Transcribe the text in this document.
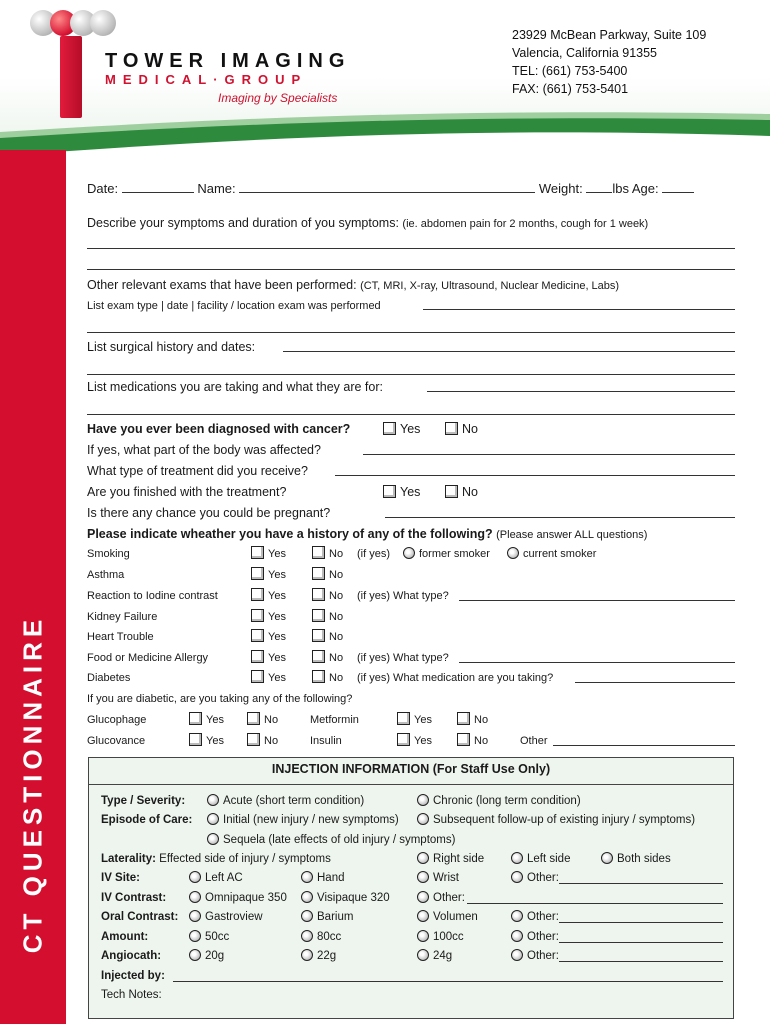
TOWER IMAGING
MEDICAL·GROUP
Imaging by Specialists
23929 McBean Parkway, Suite 109
Valencia, California 91355
TEL: (661) 753-5400
FAX: (661) 753-5401
CT QUESTIONNAIRE
Date:	Name:	Weight: lbs Age:
Describe your symptoms and duration of you symptoms: (ie. abdomen pain for 2 months, cough for 1 week)
Other relevant exams that have been performed: (CT, MRI, X-ray, Ultrasound, Nuclear Medicine, Labs)
List exam type | date | facility / location exam was performed
List surgical history and dates:
List medications you are taking and what they are for:
Have you ever been diagnosed with cancer?	Yes	No
If yes, what part of the body was affected?
What type of treatment did you receive?
Are you finished with the treatment?	Yes	No
Is there any chance you could be pregnant?
Please indicate wheather you have a history of any of the following? (Please answer ALL questions)
Smoking	Yes	No (if yes)	former smoker	current smoker
Asthma	Yes	No
Reaction to Iodine contrast	Yes	No (if yes) What type?
Kidney Failure	Yes	No
Heart Trouble	Yes	No
Food or Medicine Allergy	Yes	No (if yes) What type?
Diabetes	Yes	No (if yes) What medication are you taking?
If you are diabetic, are you taking any of the following?
Glucophage	Yes	No	Metformin	Yes	No
Glucovance	Yes	No	Insulin	Yes	No	Other
INJECTION INFORMATION (For Staff Use Only)
Type / Severity:	Acute (short term condition)	Chronic (long term condition)
Episode of Care:	Initial (new injury / new symptoms)	Subsequent follow-up of existing injury / symptoms)
Sequela (late effects of old injury / symptoms)
Laterality: Effected side of injury / symptoms	Right side	Left side	Both sides
IV Site:	Left AC	Hand	Wrist	Other:
IV Contrast:	Omnipaque 350	Visipaque 320	Other:
Oral Contrast:	Gastroview	Barium	Volumen	Other:
Amount:	50cc	80cc	100cc	Other:
Angiocath:	20g	22g	24g	Other:
Injected by:
Tech Notes:
